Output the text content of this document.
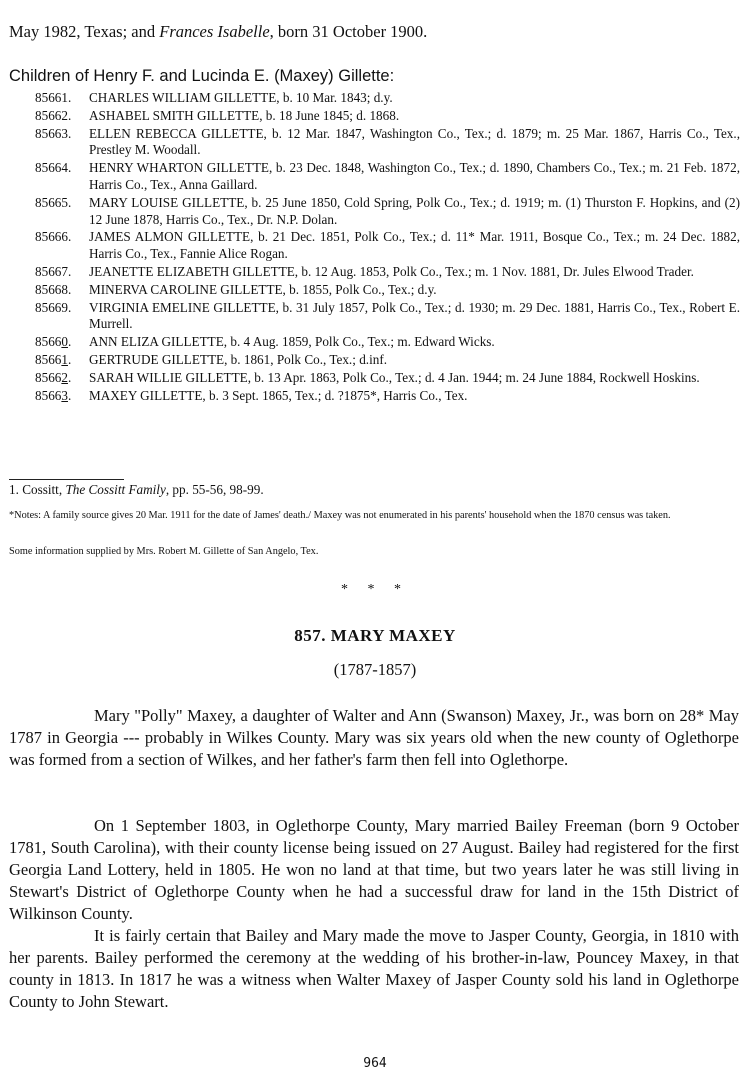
May 1982, Texas; and Frances Isabelle, born 31 October 1900.
Children of Henry F. and Lucinda E. (Maxey) Gillette:
85661.	CHARLES WILLIAM GILLETTE, b. 10 Mar. 1843; d.y.
85662.	ASHABEL SMITH GILLETTE, b. 18 June 1845; d. 1868.
85663.	ELLEN REBECCA GILLETTE, b. 12 Mar. 1847, Washington Co., Tex.; d. 1879; m. 25 Mar. 1867, Harris Co., Tex., Prestley M. Woodall.
85664.	HENRY WHARTON GILLETTE, b. 23 Dec. 1848, Washington Co., Tex.; d. 1890, Chambers Co., Tex.; m. 21 Feb. 1872, Harris Co., Tex., Anna Gaillard.
85665.	MARY LOUISE GILLETTE, b. 25 June 1850, Cold Spring, Polk Co., Tex.; d. 1919; m. (1) Thurston F. Hopkins, and (2) 12 June 1878, Harris Co., Tex., Dr. N.P. Dolan.
85666.	JAMES ALMON GILLETTE, b. 21 Dec. 1851, Polk Co., Tex.; d. 11* Mar. 1911, Bosque Co., Tex.; m. 24 Dec. 1882, Harris Co., Tex., Fannie Alice Rogan.
85667.	JEANETTE ELIZABETH GILLETTE, b. 12 Aug. 1853, Polk Co., Tex.; m. 1 Nov. 1881, Dr. Jules Elwood Trader.
85668.	MINERVA CAROLINE GILLETTE, b. 1855, Polk Co., Tex.; d.y.
85669.	VIRGINIA EMELINE GILLETTE, b. 31 July 1857, Polk Co., Tex.; d. 1930; m. 29 Dec. 1881, Harris Co., Tex., Robert E. Murrell.
85660.	ANN ELIZA GILLETTE, b. 4 Aug. 1859, Polk Co., Tex.; m. Edward Wicks.
85661.	GERTRUDE GILLETTE, b. 1861, Polk Co., Tex.; d.inf.
85662.	SARAH WILLIE GILLETTE, b. 13 Apr. 1863, Polk Co., Tex.; d. 4 Jan. 1944; m. 24 June 1884, Rockwell Hoskins.
85663.	MAXEY GILLETTE, b. 3 Sept. 1865, Tex.; d. ?1875*, Harris Co., Tex.
1. Cossitt, The Cossitt Family, pp. 55-56, 98-99.
*Notes: A family source gives 20 Mar. 1911 for the date of James' death./ Maxey was not enumerated in his parents' household when the 1870 census was taken.
Some information supplied by Mrs. Robert M. Gillette of San Angelo, Tex.
* * *
857. MARY MAXEY
(1787-1857)
Mary "Polly" Maxey, a daughter of Walter and Ann (Swanson) Maxey, Jr., was born on 28* May 1787 in Georgia --- probably in Wilkes County. Mary was six years old when the new county of Oglethorpe was formed from a section of Wilkes, and her father's farm then fell into Oglethorpe.
On 1 September 1803, in Oglethorpe County, Mary married Bailey Freeman (born 9 October 1781, South Carolina), with their county license being issued on 27 August. Bailey had registered for the first Georgia Land Lottery, held in 1805. He won no land at that time, but two years later he was still living in Stewart's District of Oglethorpe County when he had a successful draw for land in the 15th District of Wilkinson County.
It is fairly certain that Bailey and Mary made the move to Jasper County, Georgia, in 1810 with her parents. Bailey performed the ceremony at the wedding of his brother-in-law, Pouncey Maxey, in that county in 1813. In 1817 he was a witness when Walter Maxey of Jasper County sold his land in Oglethorpe County to John Stewart.
964
